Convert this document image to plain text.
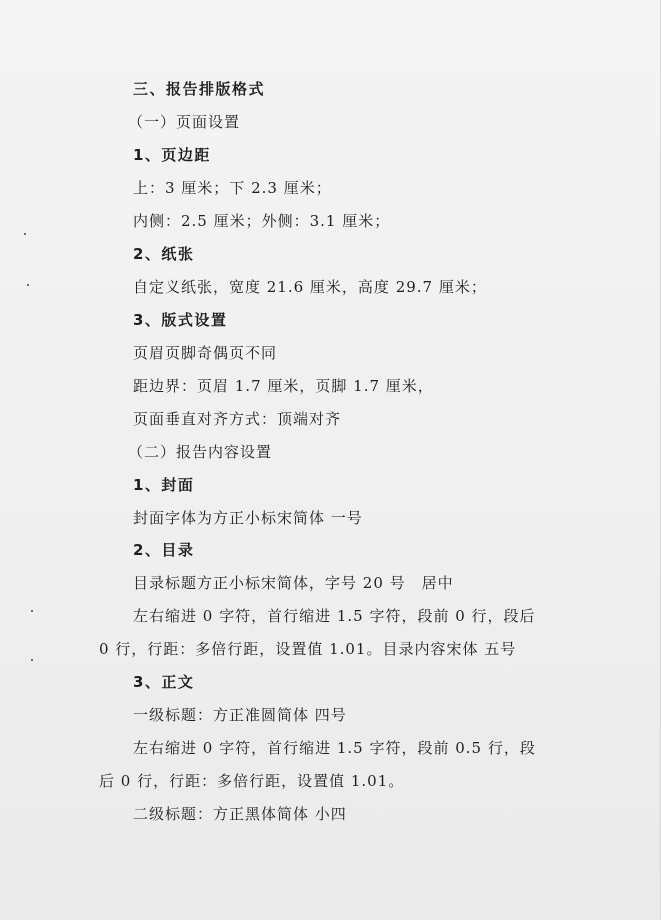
三、报告排版格式
（一）页面设置
1、页边距
上：3 厘米；下 2.3 厘米；
内侧：2.5 厘米；外侧：3.1 厘米；
2、纸张
自定义纸张，宽度 21.6 厘米，高度 29.7 厘米；
3、版式设置
页眉页脚奇偶页不同
距边界：页眉 1.7 厘米，页脚 1.7 厘米，
页面垂直对齐方式：顶端对齐
（二）报告内容设置
1、封面
封面字体为方正小标宋简体 一号
2、目录
目录标题方正小标宋简体，字号 20 号　居中
左右缩进 0 字符，首行缩进 1.5 字符，段前 0 行，段后
0 行，行距：多倍行距，设置值 1.01。目录内容宋体 五号
3、正文
一级标题：方正准圆简体 四号
左右缩进 0 字符，首行缩进 1.5 字符，段前 0.5 行，段
后 0 行，行距：多倍行距，设置值 1.01。
二级标题：方正黑体简体 小四
